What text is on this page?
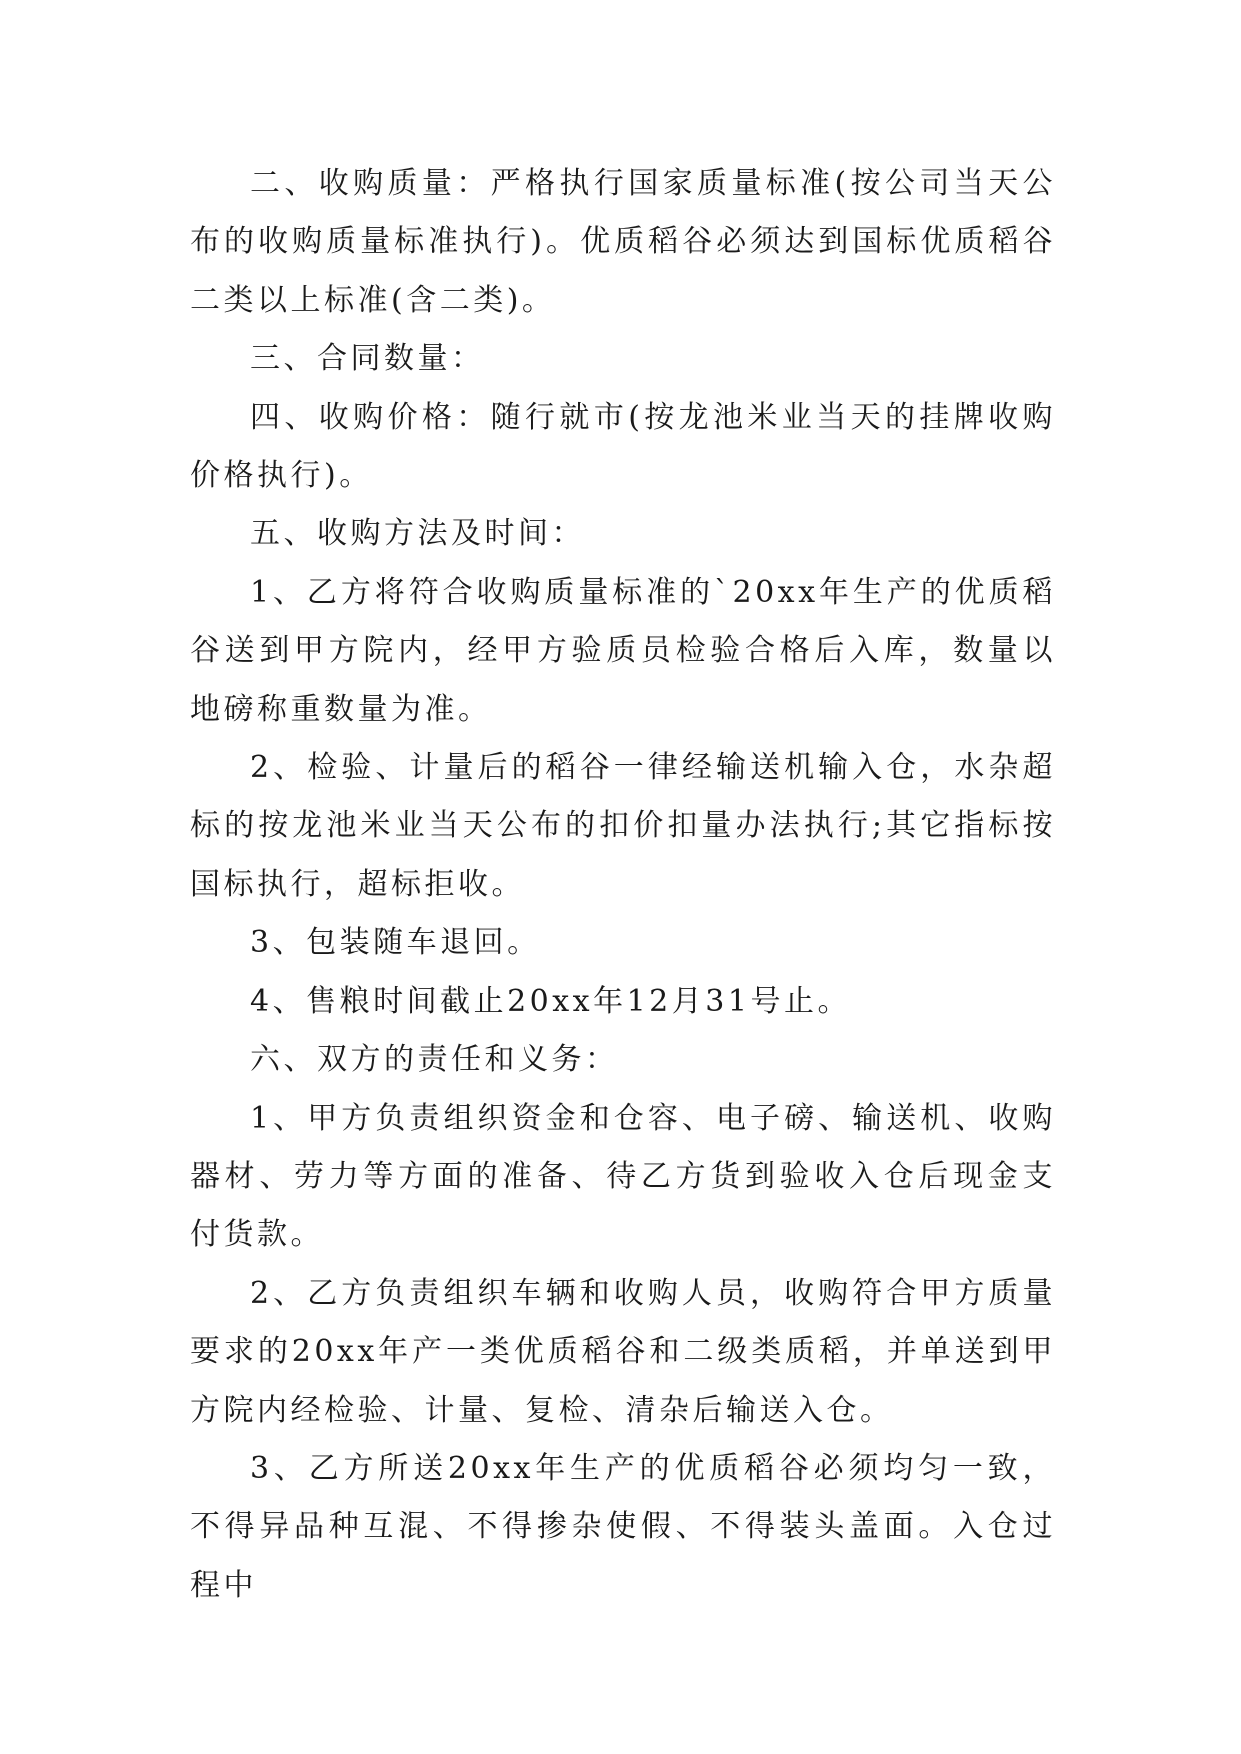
二、收购质量：严格执行国家质量标准(按公司当天公布的收购质量标准执行)。优质稻谷必须达到国标优质稻谷二类以上标准(含二类)。

三、合同数量：

四、收购价格：随行就市(按龙池米业当天的挂牌收购价格执行)。

五、收购方法及时间：

1、乙方将符合收购质量标准的`20xx年生产的优质稻谷送到甲方院内，经甲方验质员检验合格后入库，数量以地磅称重数量为准。

2、检验、计量后的稻谷一律经输送机输入仓，水杂超标的按龙池米业当天公布的扣价扣量办法执行;其它指标按国标执行，超标拒收。

3、包装随车退回。

4、售粮时间截止20xx年12月31号止。

六、双方的责任和义务：

1、甲方负责组织资金和仓容、电子磅、输送机、收购器材、劳力等方面的准备、待乙方货到验收入仓后现金支付货款。

2、乙方负责组织车辆和收购人员，收购符合甲方质量要求的20xx年产一类优质稻谷和二级类质稻，并单送到甲方院内经检验、计量、复检、清杂后输送入仓。

3、乙方所送20xx年生产的优质稻谷必须均匀一致，不得异品种互混、不得掺杂使假、不得装头盖面。入仓过程中
